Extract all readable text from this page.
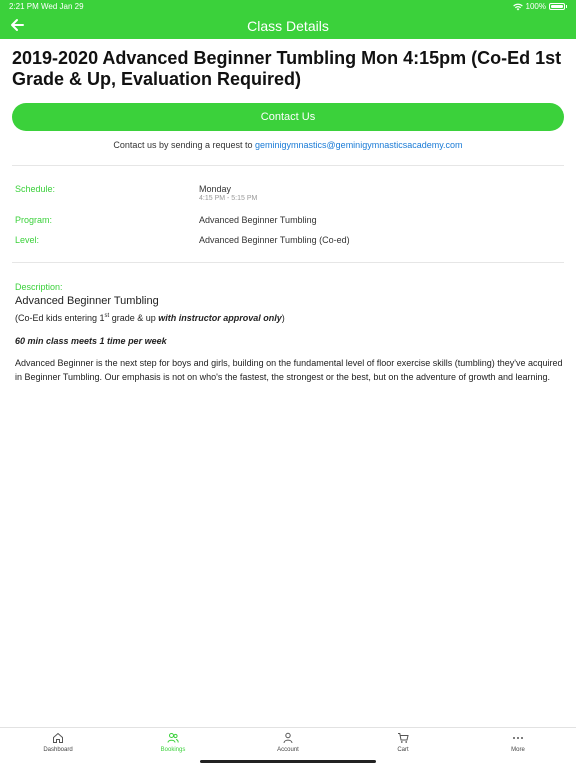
2:21 PM Wed Jan 29	100%
Class Details
2019-2020 Advanced Beginner Tumbling Mon 4:15pm (Co-Ed 1st Grade & Up, Evaluation Required)
Contact Us
Contact us by sending a request to geminigymnastics@geminigymnasticsacademy.com
Schedule:	Monday
4:15 PM - 5:15 PM
Program:	Advanced Beginner Tumbling
Level:	Advanced Beginner Tumbling (Co-ed)
Description:
Advanced Beginner Tumbling
(Co-Ed kids entering 1st grade & up with instructor approval only)
60 min class meets 1 time per week
Advanced Beginner is the next step for boys and girls, building on the fundamental level of floor exercise skills (tumbling) they've acquired in Beginner Tumbling. Our emphasis is not on who's the fastest, the strongest or the best, but on the adventure of growth and learning.
Dashboard	Bookings	Account	Cart	More
